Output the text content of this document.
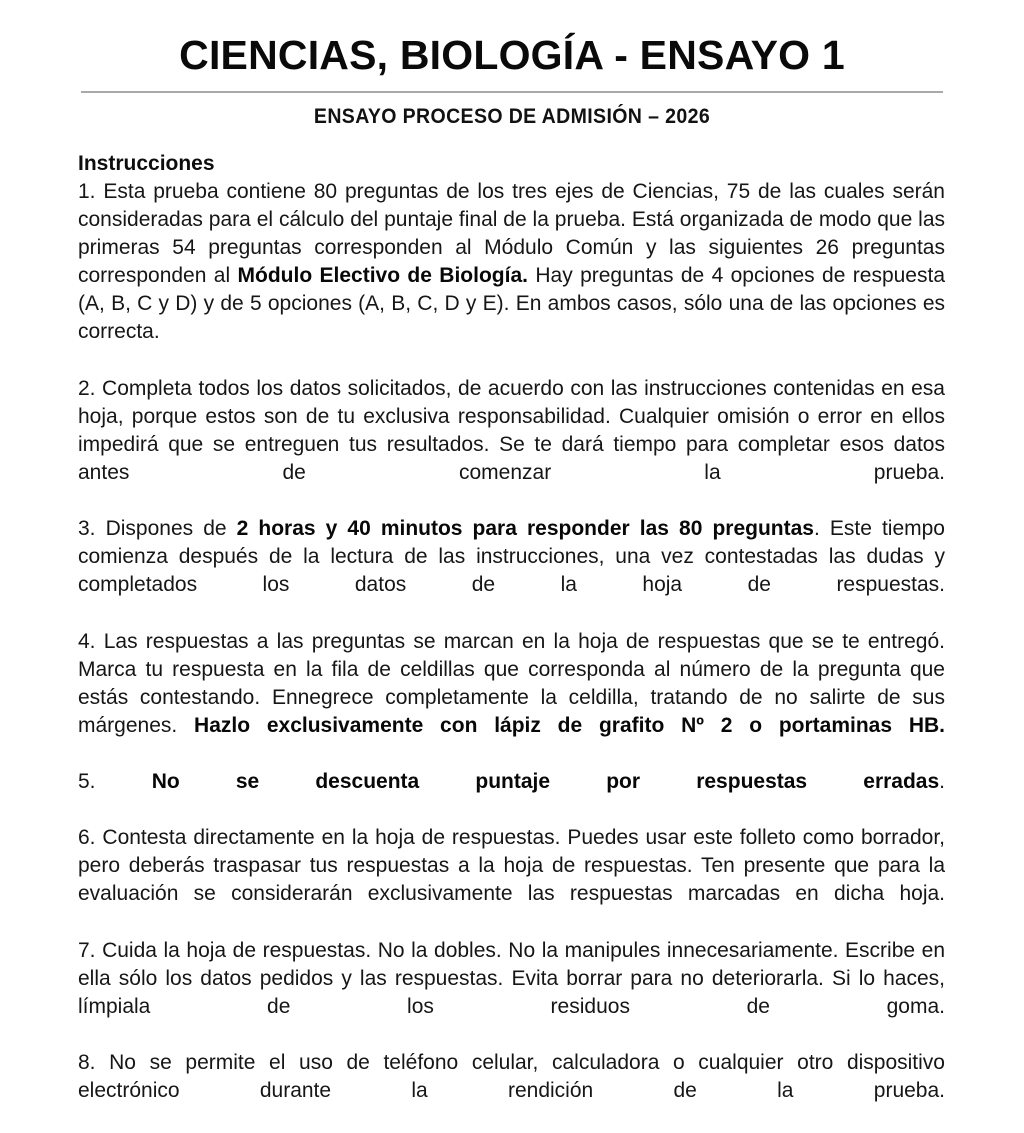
CIENCIAS, BIOLOGÍA - ENSAYO 1
ENSAYO PROCESO DE ADMISIÓN – 2026

Instrucciones

1. Esta prueba contiene 80 preguntas de los tres ejes de Ciencias, 75 de las cuales serán consideradas para el cálculo del puntaje final de la prueba. Está organizada de modo que las primeras 54 preguntas corresponden al Módulo Común y las siguientes 26 preguntas corresponden al Módulo Electivo de Biología. Hay preguntas de 4 opciones de respuesta (A, B, C y D) y de 5 opciones (A, B, C, D y E). En ambos casos, sólo una de las opciones es correcta.

2. Completa todos los datos solicitados, de acuerdo con las instrucciones contenidas en esa hoja, porque estos son de tu exclusiva responsabilidad. Cualquier omisión o error en ellos impedirá que se entreguen tus resultados. Se te dará tiempo para completar esos datos antes de comenzar la prueba.

3. Dispones de 2 horas y 40 minutos para responder las 80 preguntas. Este tiempo comienza después de la lectura de las instrucciones, una vez contestadas las dudas y completados los datos de la hoja de respuestas.

4. Las respuestas a las preguntas se marcan en la hoja de respuestas que se te entregó. Marca tu respuesta en la fila de celdillas que corresponda al número de la pregunta que estás contestando. Ennegrece completamente la celdilla, tratando de no salirte de sus márgenes. Hazlo exclusivamente con lápiz de grafito Nº 2 o portaminas HB.

5. No se descuenta puntaje por respuestas erradas.

6. Contesta directamente en la hoja de respuestas. Puedes usar este folleto como borrador, pero deberás traspasar tus respuestas a la hoja de respuestas. Ten presente que para la evaluación se considerarán exclusivamente las respuestas marcadas en dicha hoja.

7. Cuida la hoja de respuestas. No la dobles. No la manipules innecesariamente. Escribe en ella sólo los datos pedidos y las respuestas. Evita borrar para no deteriorarla. Si lo haces, límpiala de los residuos de goma.

8. No se permite el uso de teléfono celular, calculadora o cualquier otro dispositivo electrónico durante la rendición de la prueba.
